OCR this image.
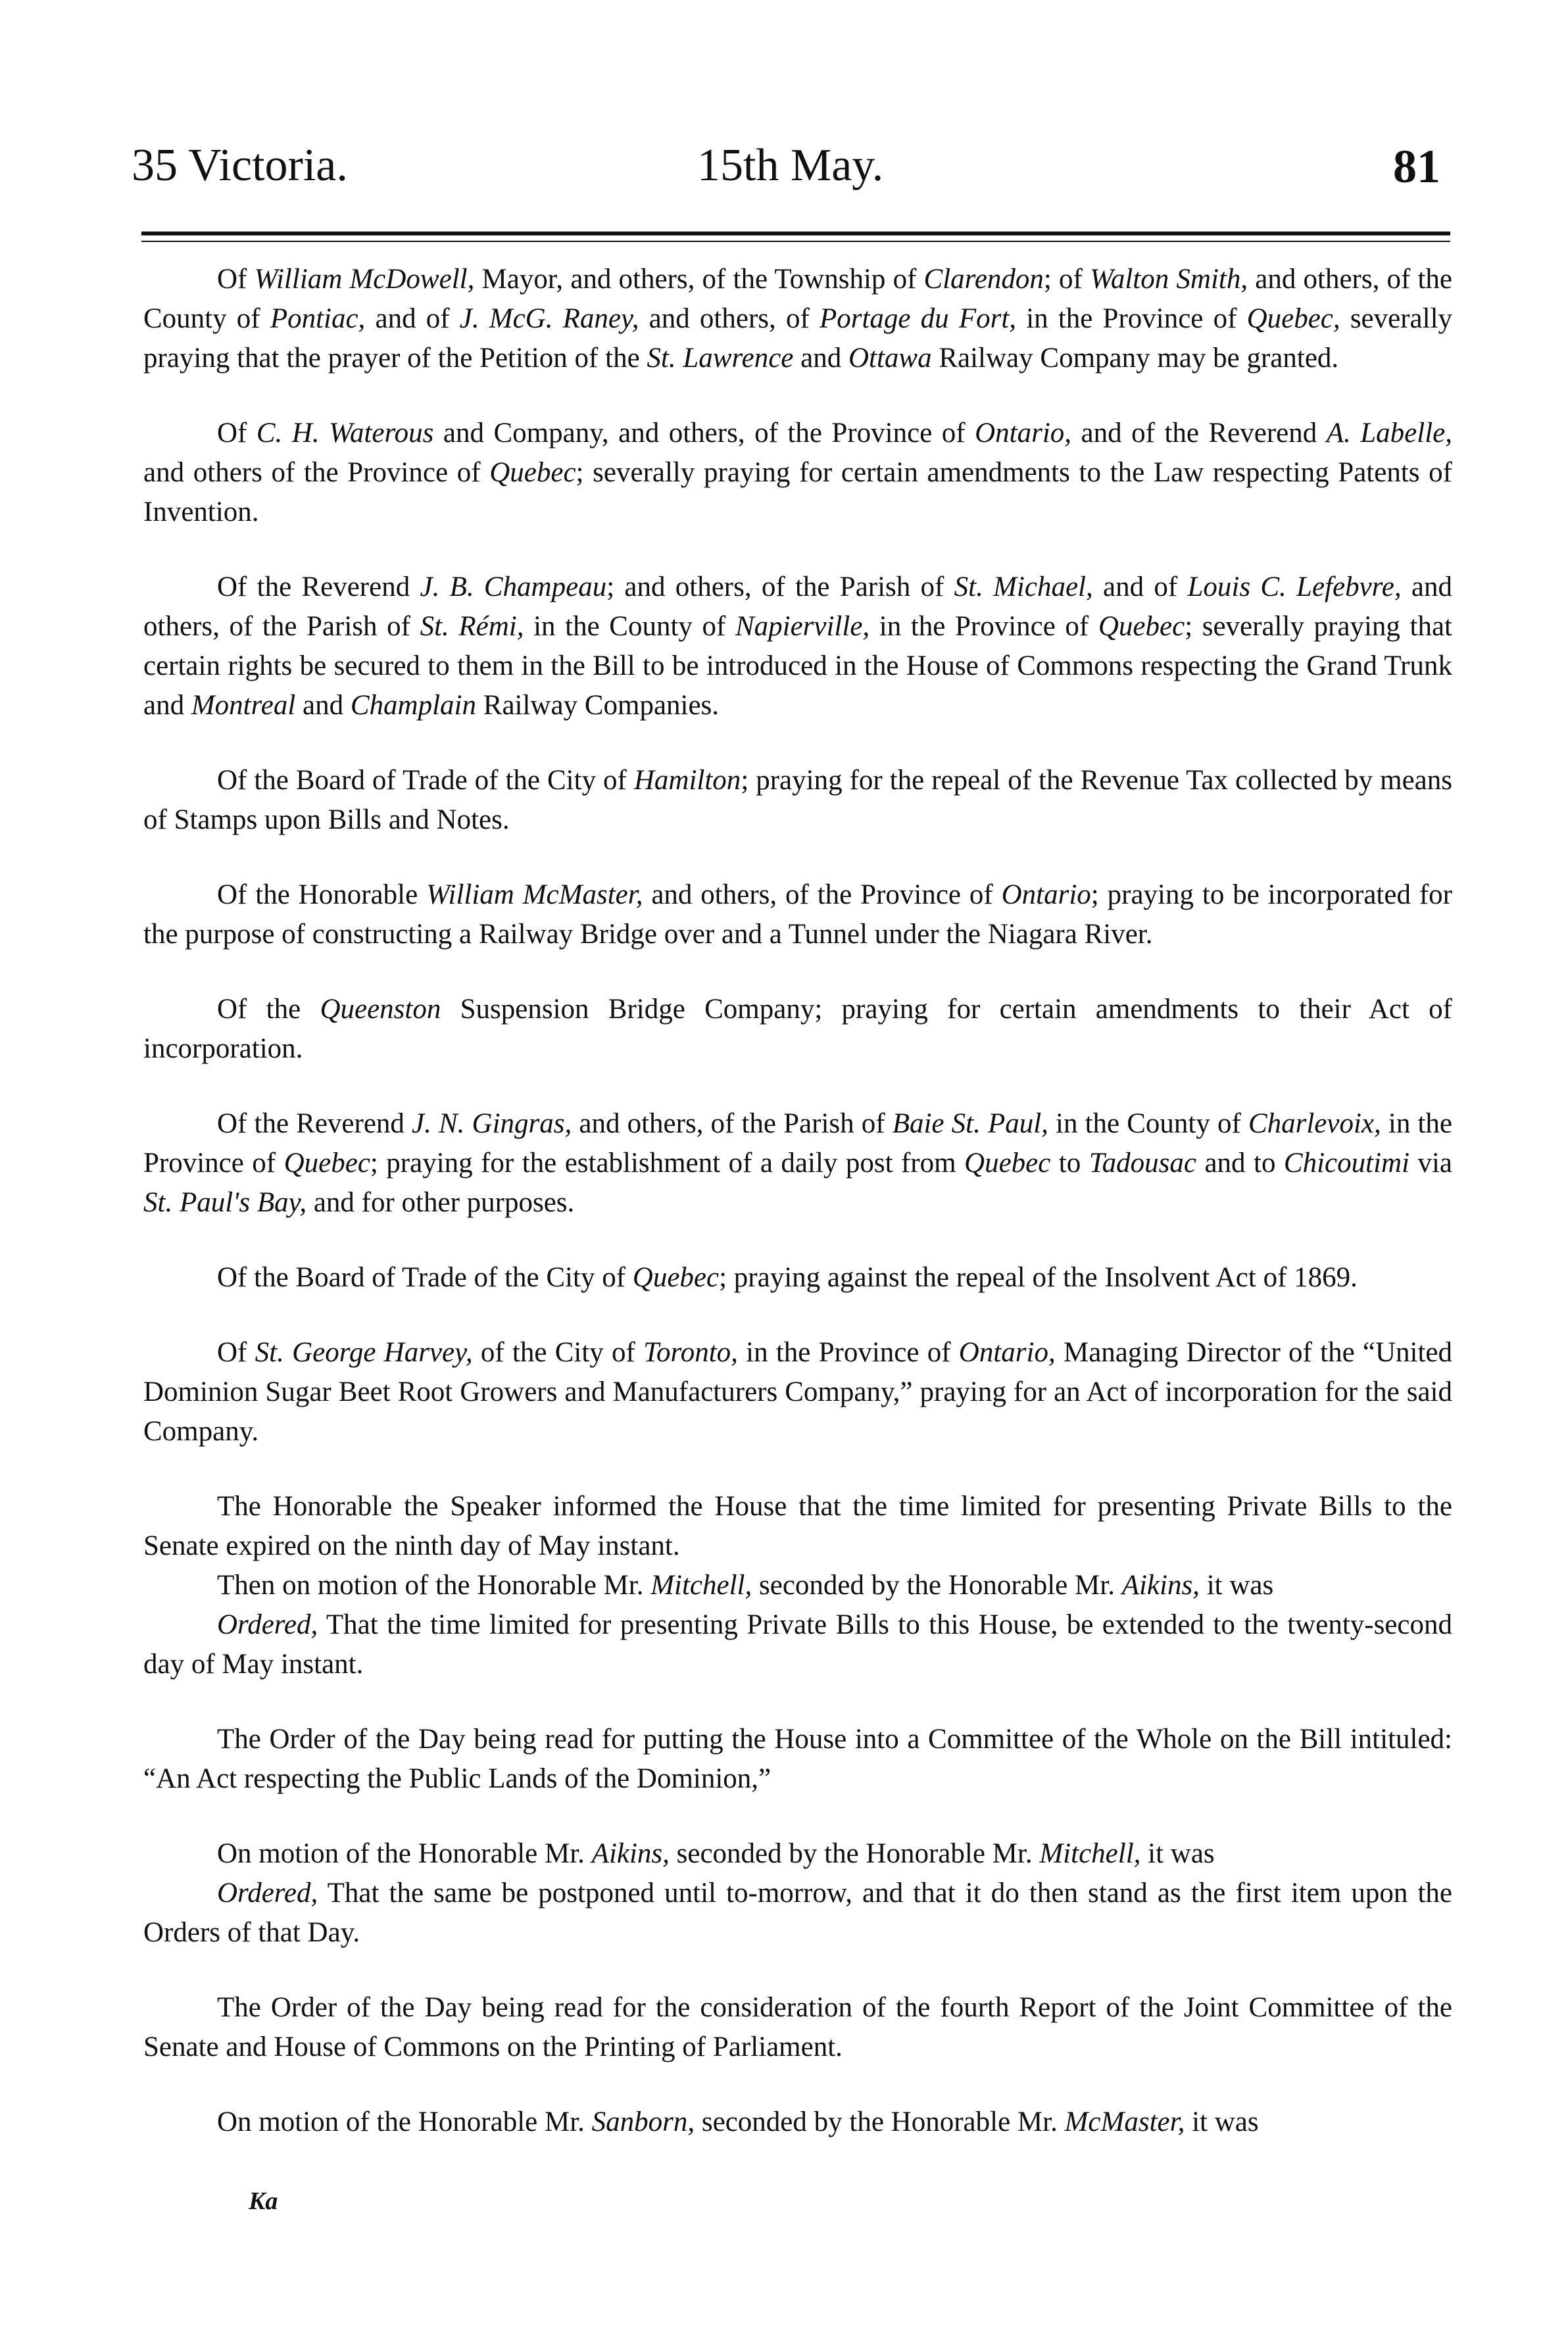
35 Victoria.	15th May.	81

Of William McDowell, Mayor, and others, of the Township of Clarendon; of Walton Smith, and others, of the County of Pontiac, and of J. McG. Raney, and others, of Portage du Fort, in the Province of Quebec, severally praying that the prayer of the Petition of the St. Lawrence and Ottawa Railway Company may be granted.

Of C. H. Waterous and Company, and others, of the Province of Ontario, and of the Reverend A. Labelle, and others of the Province of Quebec; severally praying for certain amendments to the Law respecting Patents of Invention.

Of the Reverend J. B. Champeau; and others, of the Parish of St. Michael, and of Louis C. Lefebvre, and others, of the Parish of St. Rémi, in the County of Napierville, in the Province of Quebec; severally praying that certain rights be secured to them in the Bill to be introduced in the House of Commons respecting the Grand Trunk and Montreal and Champlain Railway Companies.

Of the Board of Trade of the City of Hamilton; praying for the repeal of the Revenue Tax collected by means of Stamps upon Bills and Notes.

Of the Honorable William McMaster, and others, of the Province of Ontario; praying to be incorporated for the purpose of constructing a Railway Bridge over and a Tunnel under the Niagara River.

Of the Queenston Suspension Bridge Company; praying for certain amendments to their Act of incorporation.

Of the Reverend J. N. Gingras, and others, of the Parish of Baie St. Paul, in the County of Charlevoix, in the Province of Quebec; praying for the establishment of a daily post from Quebec to Tadousac and to Chicoutimi via St. Paul's Bay, and for other purposes.

Of the Board of Trade of the City of Quebec; praying against the repeal of the Insolvent Act of 1869.

Of St. George Harvey, of the City of Toronto, in the Province of Ontario, Managing Director of the “United Dominion Sugar Beet Root Growers and Manufacturers Company,” praying for an Act of incorporation for the said Company.

The Honorable the Speaker informed the House that the time limited for presenting Private Bills to the Senate expired on the ninth day of May instant.

Then on motion of the Honorable Mr. Mitchell, seconded by the Honorable Mr. Aikins, it was

Ordered, That the time limited for presenting Private Bills to this House, be extended to the twenty-second day of May instant.

The Order of the Day being read for putting the House into a Committee of the Whole on the Bill intituled: “An Act respecting the Public Lands of the Dominion,”

On motion of the Honorable Mr. Aikins, seconded by the Honorable Mr. Mitchell, it was

Ordered, That the same be postponed until to-morrow, and that it do then stand as the first item upon the Orders of that Day.

The Order of the Day being read for the consideration of the fourth Report of the Joint Committee of the Senate and House of Commons on the Printing of Parliament.

On motion of the Honorable Mr. Sanborn, seconded by the Honorable Mr. McMaster, it was

Ka
